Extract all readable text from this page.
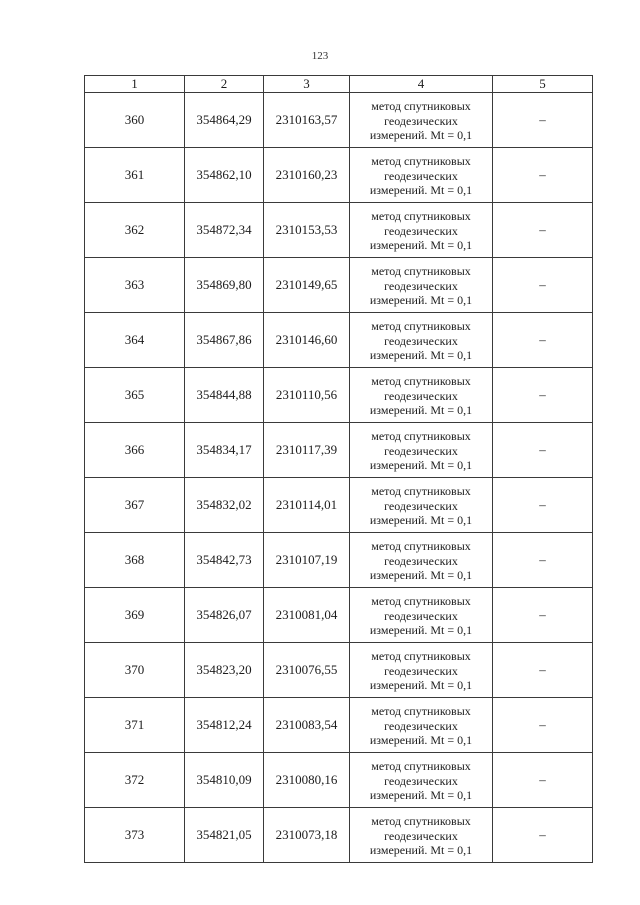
123
1	2	3	4	5
360	354864,29	2310163,57	метод спутниковых
геодезических
измерений. Mt = 0,1	–
361	354862,10	2310160,23	метод спутниковых
геодезических
измерений. Mt = 0,1	–
362	354872,34	2310153,53	метод спутниковых
геодезических
измерений. Mt = 0,1	–
363	354869,80	2310149,65	метод спутниковых
геодезических
измерений. Mt = 0,1	–
364	354867,86	2310146,60	метод спутниковых
геодезических
измерений. Mt = 0,1	–
365	354844,88	2310110,56	метод спутниковых
геодезических
измерений. Mt = 0,1	–
366	354834,17	2310117,39	метод спутниковых
геодезических
измерений. Mt = 0,1	–
367	354832,02	2310114,01	метод спутниковых
геодезических
измерений. Mt = 0,1	–
368	354842,73	2310107,19	метод спутниковых
геодезических
измерений. Mt = 0,1	–
369	354826,07	2310081,04	метод спутниковых
геодезических
измерений. Mt = 0,1	–
370	354823,20	2310076,55	метод спутниковых
геодезических
измерений. Mt = 0,1	–
371	354812,24	2310083,54	метод спутниковых
геодезических
измерений. Mt = 0,1	–
372	354810,09	2310080,16	метод спутниковых
геодезических
измерений. Mt = 0,1	–
373	354821,05	2310073,18	метод спутниковых
геодезических
измерений. Mt = 0,1	–
